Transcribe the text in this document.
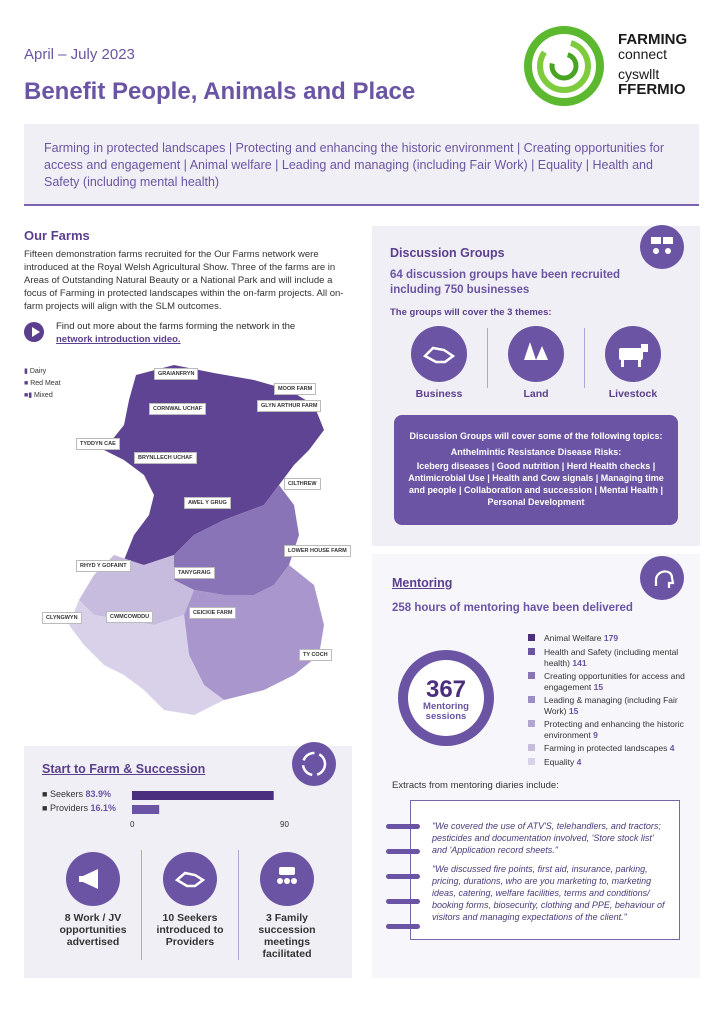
April – July 2023
Benefit People, Animals and Place
FARMING
connect
cyswllt
FFERMIO
Farming in protected landscapes | Protecting and enhancing the historic environment | Creating opportunities for access and engagement | Animal welfare | Leading and managing (including Fair Work) | Equality | Health and Safety (including mental health)
Our Farms
Fifteen demonstration farms recruited for the Our Farms network were introduced at the Royal Welsh Agricultural Show. Three of the farms are in Areas of Outstanding Natural Beauty or a National Park and will include a focus of Farming in protected landscapes within the on-farm projects. All on-farm projects will align with the SLM outcomes.
Find out more about the farms forming the network in the
network introduction video.
GRAIANFRYN
MOOR FARM
CORNWAL UCHAF	GLYN ARTHUR FARM
TYDDYN CAE
BRYNLLECH UCHAF
CILTHREW
AWEL Y GRUG
LOWER HOUSE FARM
RHYD Y GOFAINT
TANYGRAIG
CLYNGWYN	CWMCOWDDU
CEICKIE FARM
TY COCH
▮ Dairy
■ Red Meat
■▮ Mixed
Start to Farm & Succession
■ Seekers 83.9%
■ Providers 16.1%
0	90
8 Work / JV opportunities advertised
10 Seekers introduced to Providers
3 Family succession meetings facilitated
Discussion Groups
64 discussion groups have been recruited including 750 businesses
The groups will cover the 3 themes:
Business	Land	Livestock
Discussion Groups will cover some of the following topics:
Anthelmintic Resistance Disease Risks:
Iceberg diseases | Good nutrition | Herd Health checks | Antimicrobial Use | Health and Cow signals | Managing time and people | Collaboration and succession | Mental Health | Personal Development
Mentoring
258 hours of mentoring have been delivered
367
Mentoring
sessions
Animal Welfare 179
Health and Safety (including mental health) 141
Creating opportunities for access and engagement 15
Leading & managing (including Fair Work) 15
Protecting and enhancing the historic environment 9
Farming in protected landscapes 4
Equality 4
Extracts from mentoring diaries include:
"We covered the use of ATV'S, telehandlers, and tractors; pesticides and documentation involved, 'Store stock list' and 'Application record sheets."
"We discussed fire points, first aid, insurance, parking, pricing, durations, who are you marketing to, marketing ideas, catering, welfare facilities, terms and conditions/ booking forms, biosecurity, clothing and PPE, behaviour of visitors and managing expectations of the client."
